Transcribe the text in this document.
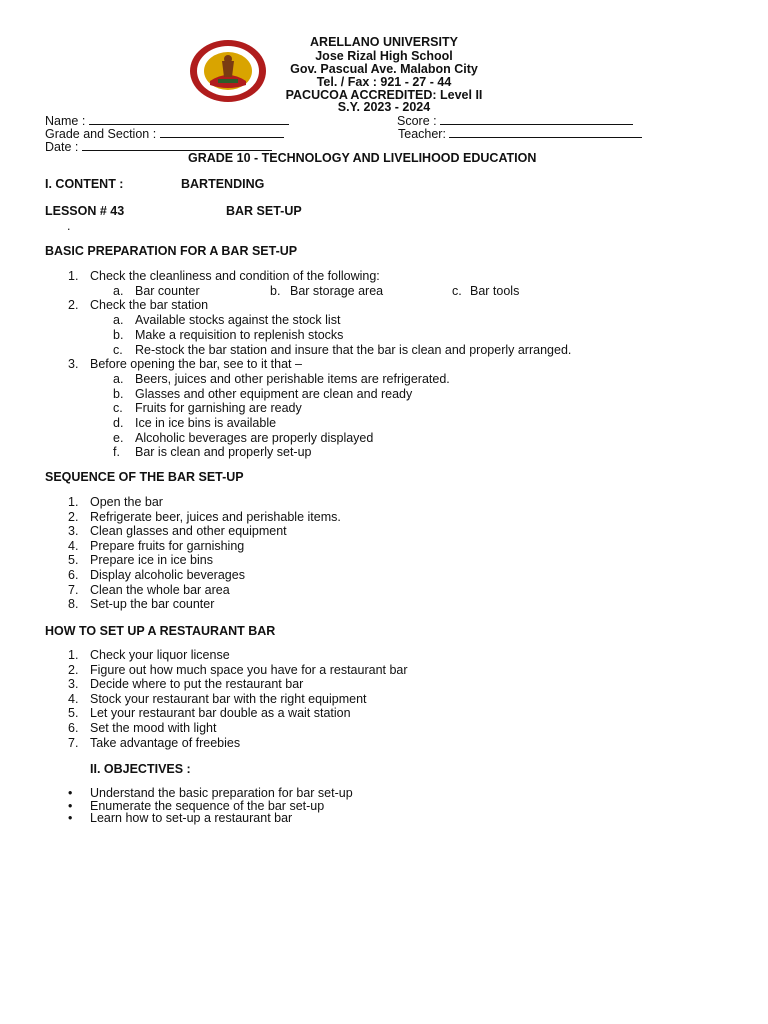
ARELLANO UNIVERSITY
Jose Rizal High School
Gov. Pascual Ave. Malabon City
Tel. / Fax : 921 - 27 - 44
PACUCOA ACCREDITED: Level II
S.Y. 2023 - 2024
Name :	Score :
Grade and Section :	Teacher:
Date :
GRADE 10 - TECHNOLOGY AND LIVELIHOOD EDUCATION
I. CONTENT :	BARTENDING
LESSON # 43	BAR SET-UP
.
BASIC PREPARATION FOR A BAR SET-UP
1. Check the cleanliness and condition of the following:
a. Bar counter	b. Bar storage area	c. Bar tools
2. Check the bar station
a. Available stocks against the stock list
b. Make a requisition to replenish stocks
c. Re-stock the bar station and insure that the bar is clean and properly arranged.
3. Before opening the bar, see to it that –
a. Beers, juices and other perishable items are refrigerated.
b. Glasses and other equipment are clean and ready
c. Fruits for garnishing are ready
d. Ice in ice bins is available
e. Alcoholic beverages are properly displayed
f. Bar is clean and properly set-up
SEQUENCE OF THE BAR SET-UP
1. Open the bar
2. Refrigerate beer, juices and perishable items.
3. Clean glasses and other equipment
4. Prepare fruits for garnishing
5. Prepare ice in ice bins
6. Display alcoholic beverages
7. Clean the whole bar area
8. Set-up the bar counter
HOW TO SET UP A RESTAURANT BAR
1. Check your liquor license
2. Figure out how much space you have for a restaurant bar
3. Decide where to put the restaurant bar
4. Stock your restaurant bar with the right equipment
5. Let your restaurant bar double as a wait station
6. Set the mood with light
7. Take advantage of freebies
II. OBJECTIVES :
• Understand the basic preparation for bar set-up
• Enumerate the sequence of the bar set-up
• Learn how to set-up a restaurant bar
